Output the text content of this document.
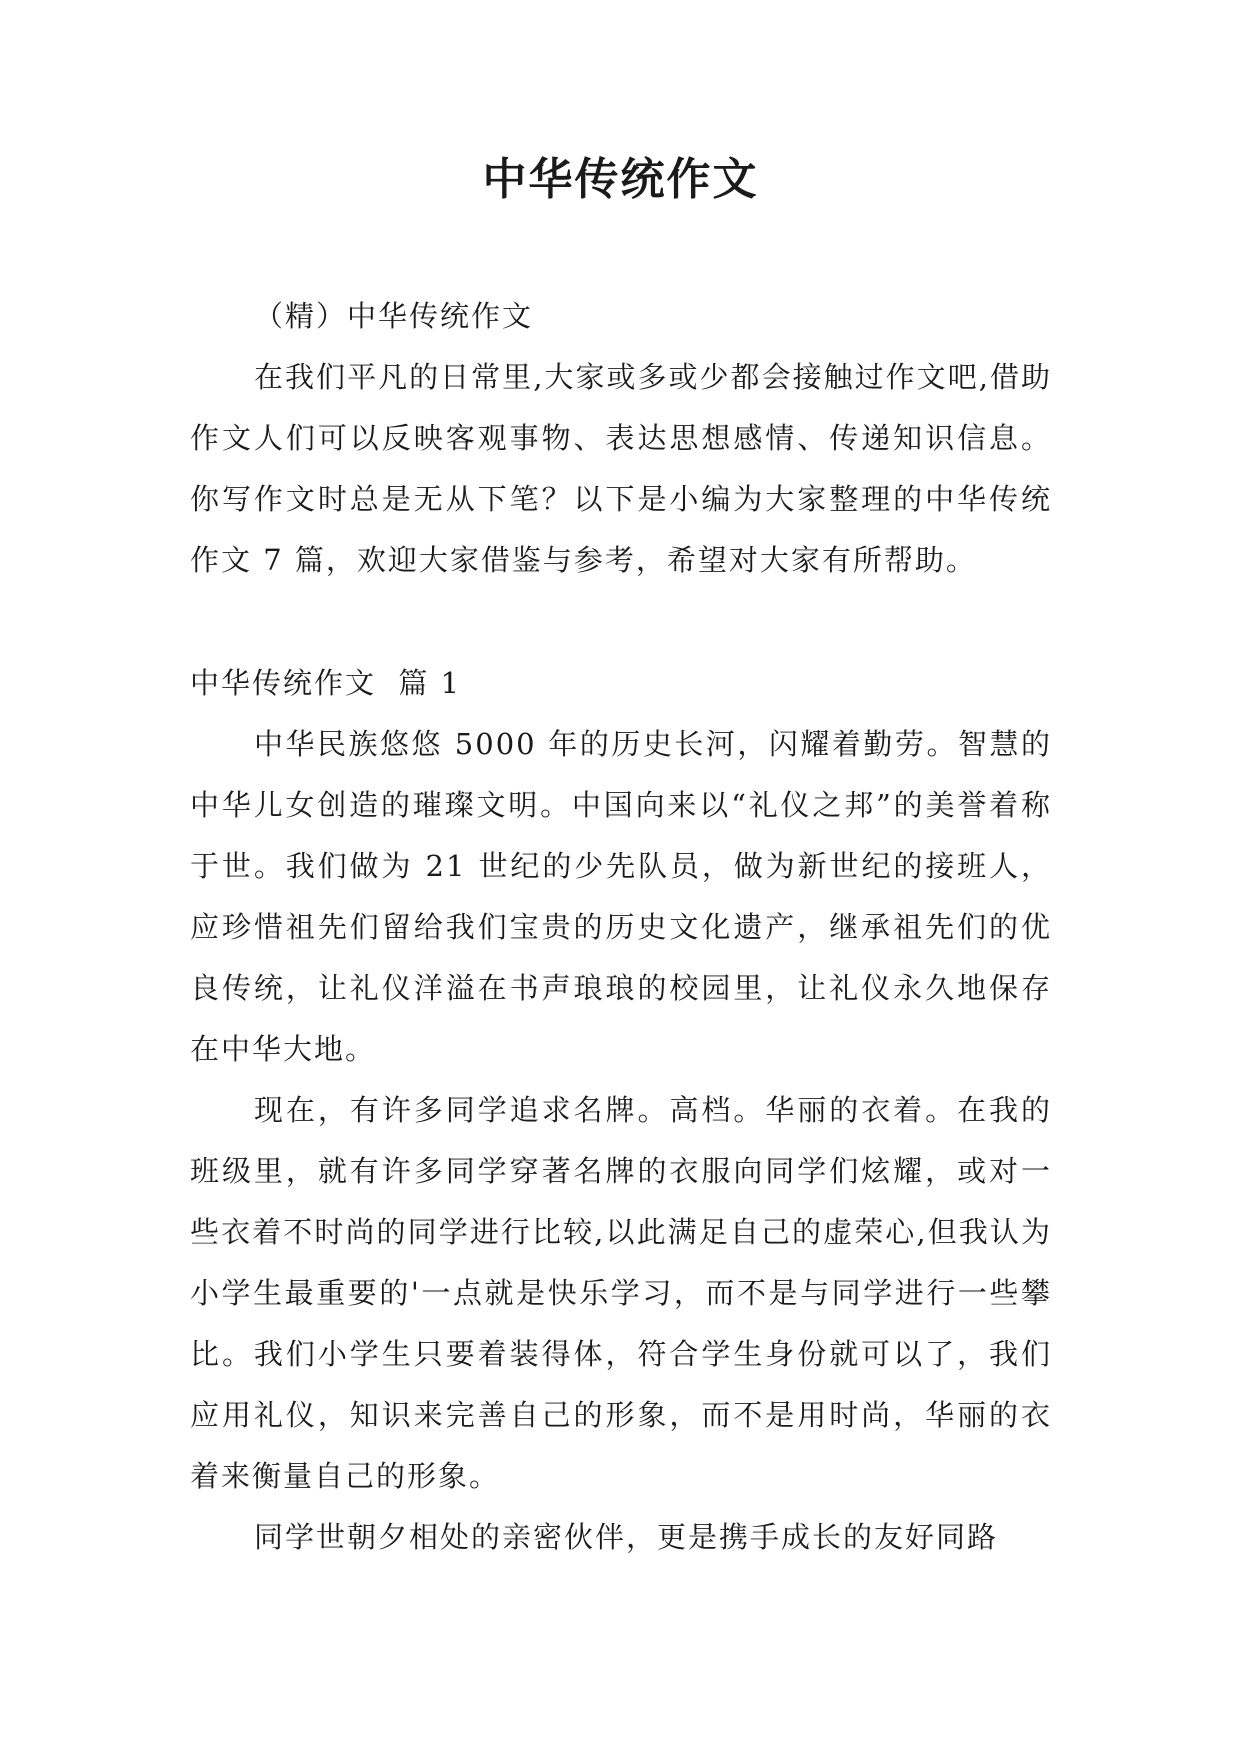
中华传统作文

（精）中华传统作文

在我们平凡的日常里,大家或多或少都会接触过作文吧,借助作文人们可以反映客观事物、表达思想感情、传递知识信息。你写作文时总是无从下笔？以下是小编为大家整理的中华传统作文 7 篇，欢迎大家借鉴与参考，希望对大家有所帮助。

中华传统作文  篇 1

中华民族悠悠 5000 年的历史长河，闪耀着勤劳。智慧的中华儿女创造的璀璨文明。中国向来以“礼仪之邦”的美誉着称于世。我们做为 21 世纪的少先队员，做为新世纪的接班人，应珍惜祖先们留给我们宝贵的历史文化遗产，继承祖先们的优良传统，让礼仪洋溢在书声琅琅的校园里，让礼仪永久地保存在中华大地。

现在，有许多同学追求名牌。高档。华丽的衣着。在我的班级里，就有许多同学穿著名牌的衣服向同学们炫耀，或对一些衣着不时尚的同学进行比较,以此满足自己的虚荣心,但我认为小学生最重要的'一点就是快乐学习，而不是与同学进行一些攀比。我们小学生只要着装得体，符合学生身份就可以了，我们应用礼仪，知识来完善自己的形象，而不是用时尚，华丽的衣着来衡量自己的形象。

同学世朝夕相处的亲密伙伴，更是携手成长的友好同路
